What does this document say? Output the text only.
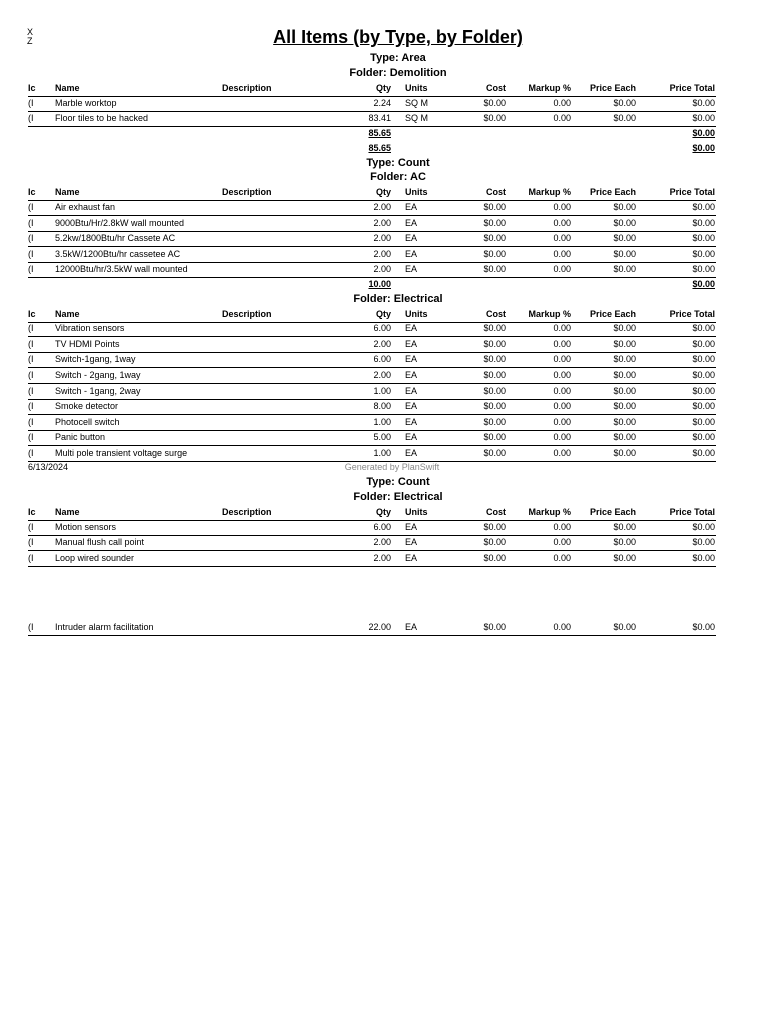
X Z	All Items (by Type, by Folder)
Type: Area
Folder: Demolition
Ic Name	Description	Qty Units	Cost Markup % Price Each	Price Total
(I Marble worktop	2.24 SQ M	$0.00	0.00	$0.00	$0.00
(I Floor tiles to be hacked	83.41 SQ M	$0.00	0.00	$0.00	$0.00
85.65	$0.00
85.65	$0.00
Type: Count
Folder: AC
Ic Name	Description	Qty Units	Cost Markup % Price Each	Price Total
(I Air exhaust fan	2.00 EA	$0.00	0.00	$0.00	$0.00
(I 9000Btu/Hr/2.8kW wall mounted	2.00 EA	$0.00	0.00	$0.00	$0.00
(I 5.2kw/1800Btu/hr Cassete AC	2.00 EA	$0.00	0.00	$0.00	$0.00
(I 3.5kW/1200Btu/hr cassetee AC	2.00 EA	$0.00	0.00	$0.00	$0.00
(I 12000Btu/hr/3.5kW wall mounted	2.00 EA	$0.00	0.00	$0.00	$0.00
10.00	$0.00
Folder: Electrical
Ic Name	Description	Qty Units	Cost Markup % Price Each	Price Total
(I Vibration sensors	6.00 EA	$0.00	0.00	$0.00	$0.00
(I TV HDMI Points	2.00 EA	$0.00	0.00	$0.00	$0.00
(I Switch-1gang, 1way	6.00 EA	$0.00	0.00	$0.00	$0.00
(I Switch - 2gang, 1way	2.00 EA	$0.00	0.00	$0.00	$0.00
(I Switch - 1gang, 2way	1.00 EA	$0.00	0.00	$0.00	$0.00
(I Smoke detector	8.00 EA	$0.00	0.00	$0.00	$0.00
(I Photocell switch	1.00 EA	$0.00	0.00	$0.00	$0.00
(I Panic button	5.00 EA	$0.00	0.00	$0.00	$0.00
(I Multi pole transient voltage surge	1.00 EA	$0.00	0.00	$0.00	$0.00
6/13/2024	Generated by PlanSwift
Type: Count
Folder: Electrical
Ic Name	Description	Qty Units	Cost Markup % Price Each	Price Total
(I Motion sensors	6.00 EA	$0.00	0.00	$0.00	$0.00
(I Manual flush call point	2.00 EA	$0.00	0.00	$0.00	$0.00
(I Loop wired sounder	2.00 EA	$0.00	0.00	$0.00	$0.00
(I Intruder alarm facilitation	22.00 EA	$0.00	0.00	$0.00	$0.00
